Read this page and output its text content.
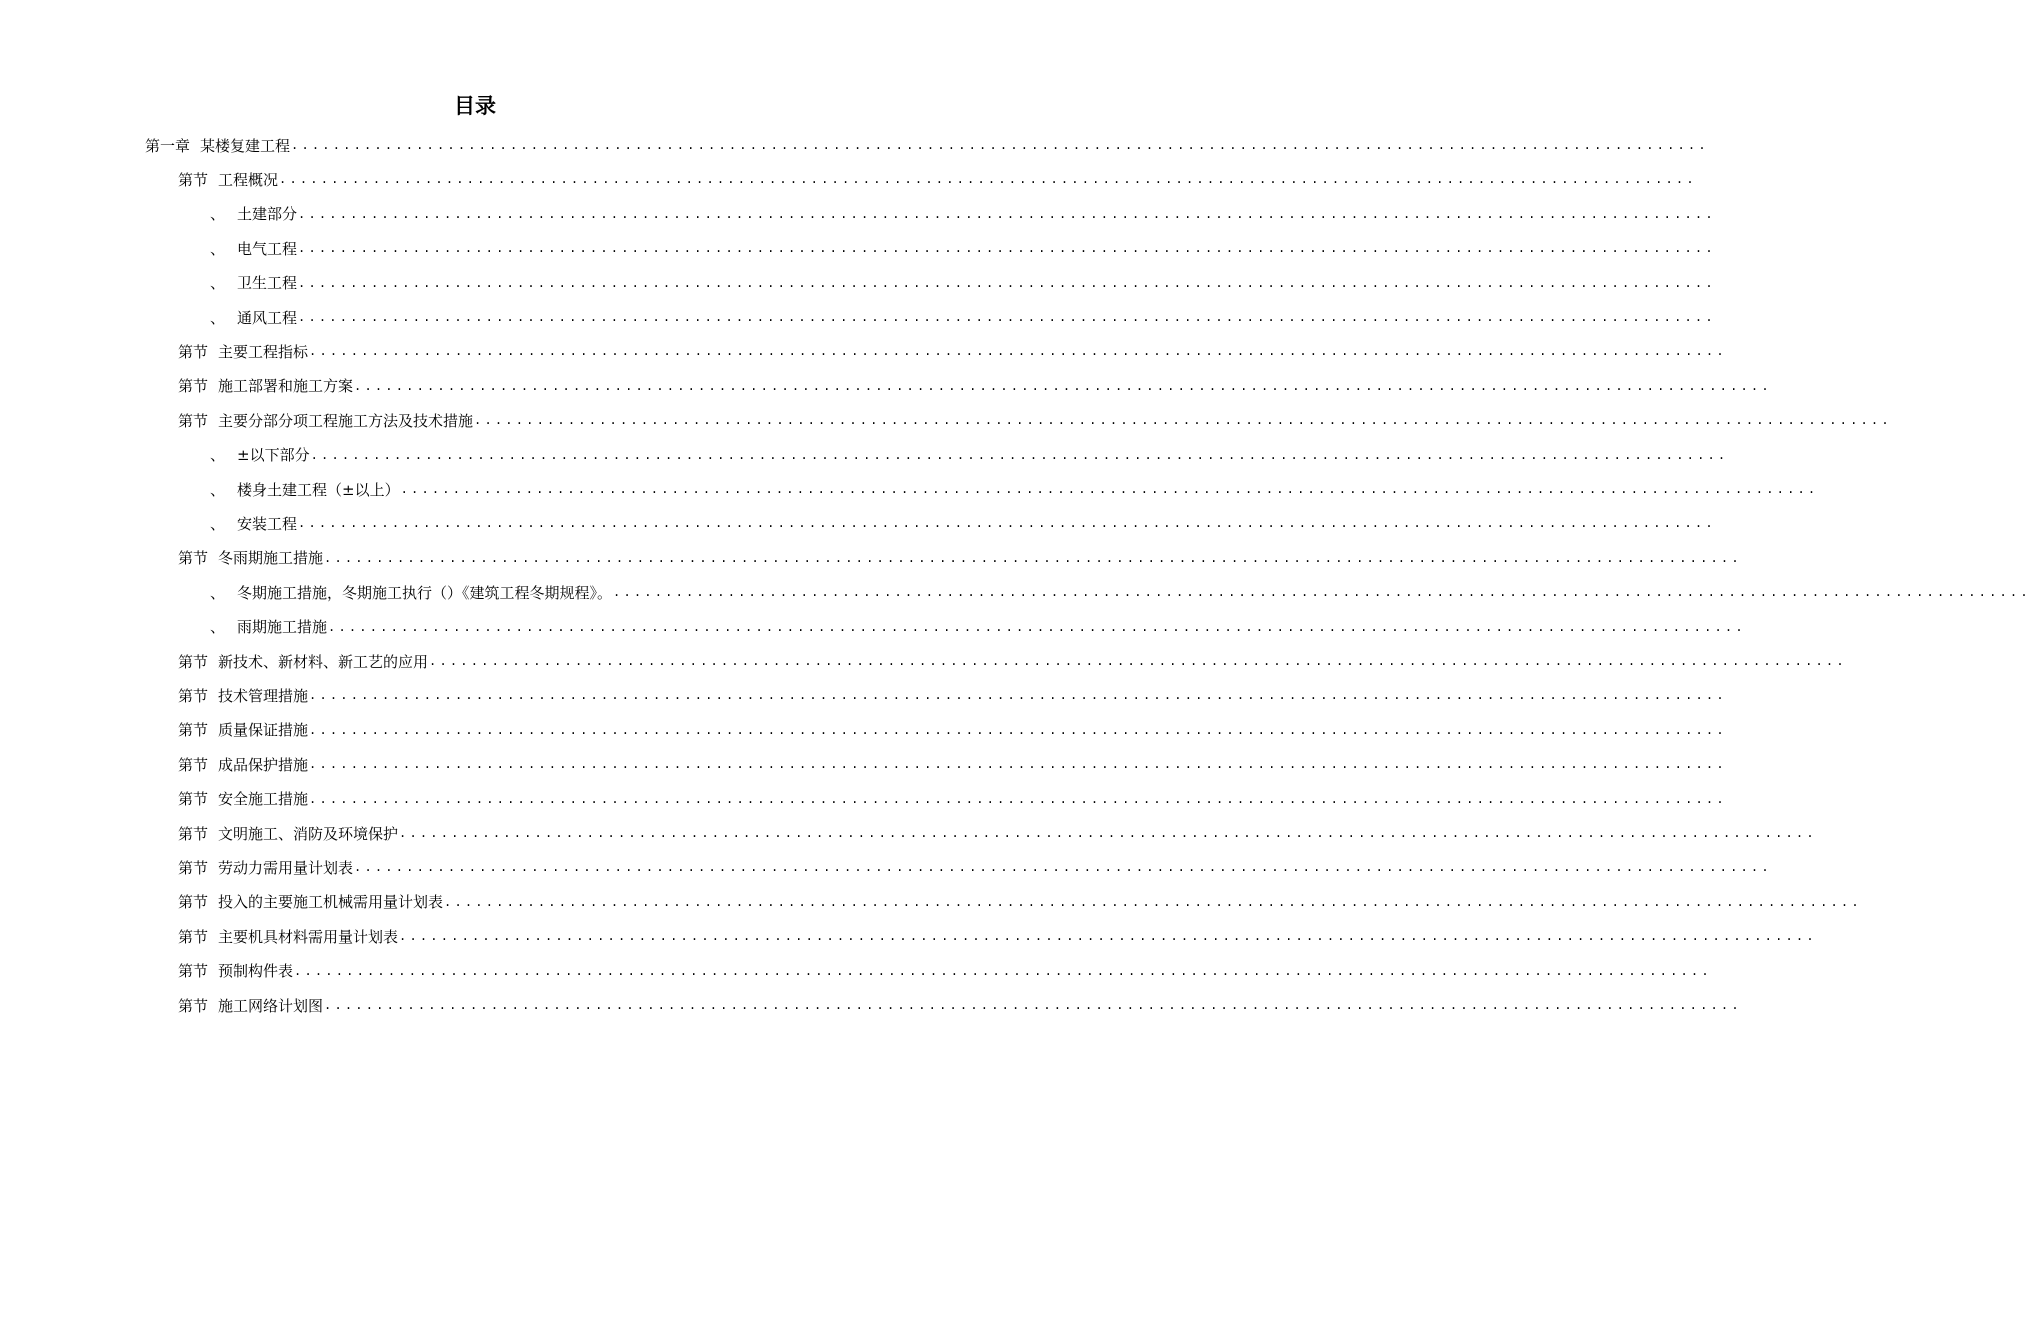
目录
第一章 某楼复建工程 ........................................................................................................................................
第节 工程概况 ........................................................................................................................................
、 土建部分 ........................................................................................................................................
、 电气工程 ........................................................................................................................................
、 卫生工程 ........................................................................................................................................
、 通风工程 ........................................................................................................................................
第节 主要工程指标 ........................................................................................................................................
第节 施工部署和施工方案 ........................................................................................................................................
第节 主要分部分项工程施工方法及技术措施 ........................................................................................................................................
、 ±以下部分 ........................................................................................................................................
、 楼身土建工程（±以上） ........................................................................................................................................
、 安装工程 ........................................................................................................................................
第节 冬雨期施工措施 ........................................................................................................................................
、 冬期施工措施，冬期施工执行（）《建筑工程冬期规程》。 ........................................................................................................................................
、 雨期施工措施 ........................................................................................................................................
第节 新技术、新材料、新工艺的应用 ........................................................................................................................................
第节 技术管理措施 ........................................................................................................................................
第节 质量保证措施 ........................................................................................................................................
第节 成品保护措施 ........................................................................................................................................
第节 安全施工措施 ........................................................................................................................................
第节 文明施工、消防及环境保护 ........................................................................................................................................
第节 劳动力需用量计划表 ........................................................................................................................................
第节 投入的主要施工机械需用量计划表 ........................................................................................................................................
第节 主要机具材料需用量计划表 ........................................................................................................................................
第节 预制构件表 ........................................................................................................................................
第节 施工网络计划图 ........................................................................................................................................
